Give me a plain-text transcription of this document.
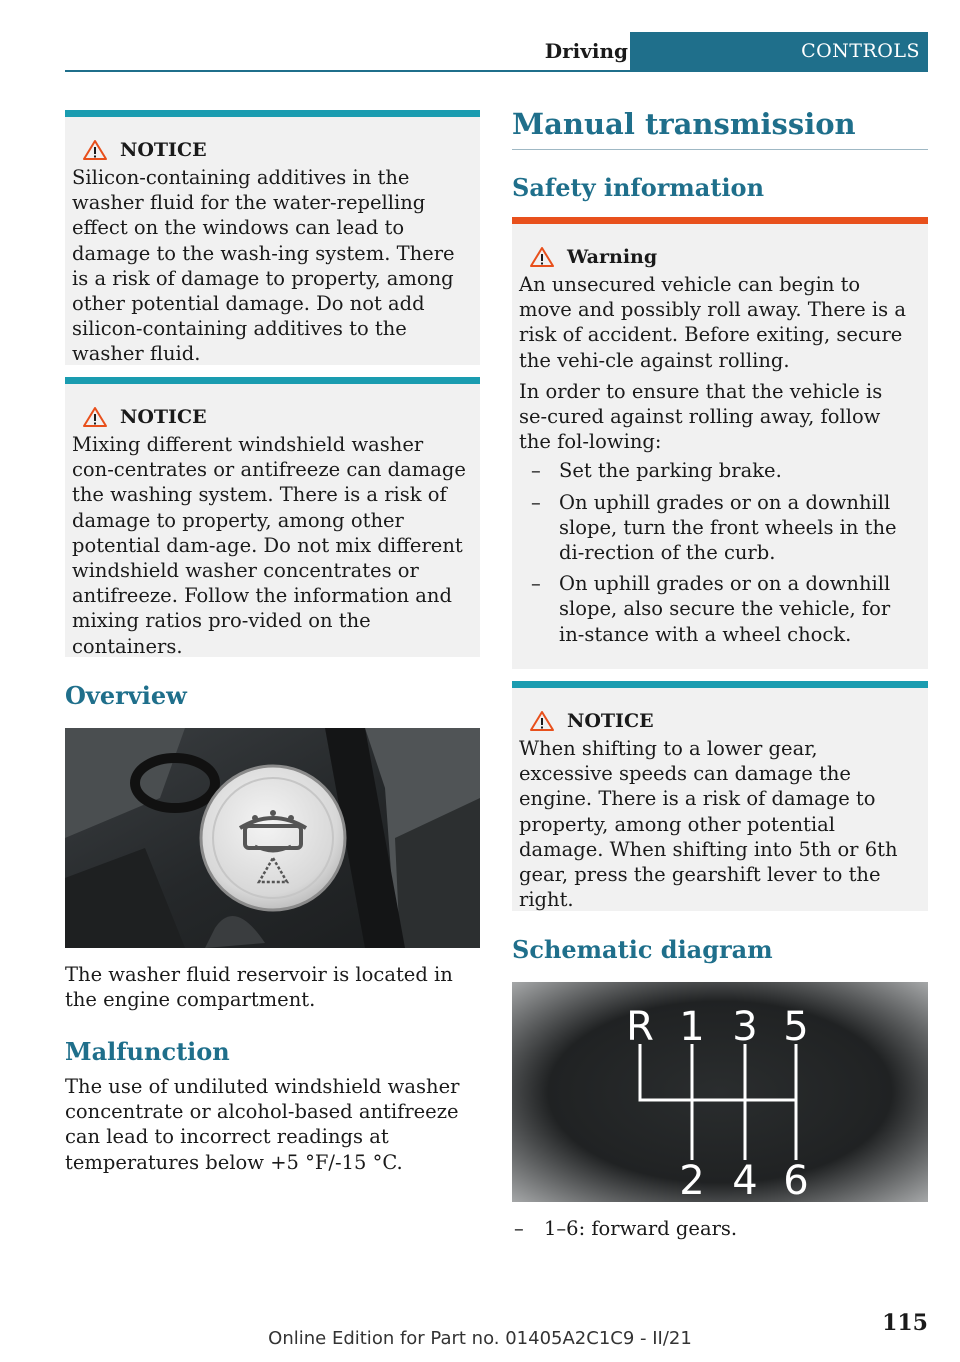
Driving	CONTROLS
NOTICE

Silicon-containing additives in the washer fluid for the water-repelling effect on the windows can lead to damage to the wash‐ing system. There is a risk of damage to property, among other potential damage. Do not add silicon-containing additives to the washer fluid.

NOTICE

Mixing different windshield washer con‐centrates or antifreeze can damage the washing system. There is a risk of damage to property, among other potential dam‐age. Do not mix different windshield washer concentrates or antifreeze. Follow the information and mixing ratios pro‐vided on the containers.

Overview

The washer fluid reservoir is located in the engine compartment.

Malfunction

The use of undiluted windshield washer concentrate or alcohol-based antifreeze can lead to incorrect readings at temperatures below +5 °F/-15 °C.

Manual transmission
Safety information
Warning

An unsecured vehicle can begin to move and possibly roll away. There is a risk of accident. Before exiting, secure the vehi‐cle against rolling.

In order to ensure that the vehicle is se‐cured against rolling away, follow the fol‐lowing:

– Set the parking brake.
– On uphill grades or on a downhill slope, turn the front wheels in the di‐rection of the curb.
– On uphill grades or on a downhill slope, also secure the vehicle, for in‐stance with a wheel chock.
NOTICE

When shifting to a lower gear, excessive speeds can damage the engine. There is a risk of damage to property, among other potential damage. When shifting into 5th or 6th gear, press the gearshift lever to the right.

Schematic diagram
R 1 3 5
2 4 6
– 1–6: forward gears.
115
Online Edition for Part no. 01405A2C1C9 - II/21
